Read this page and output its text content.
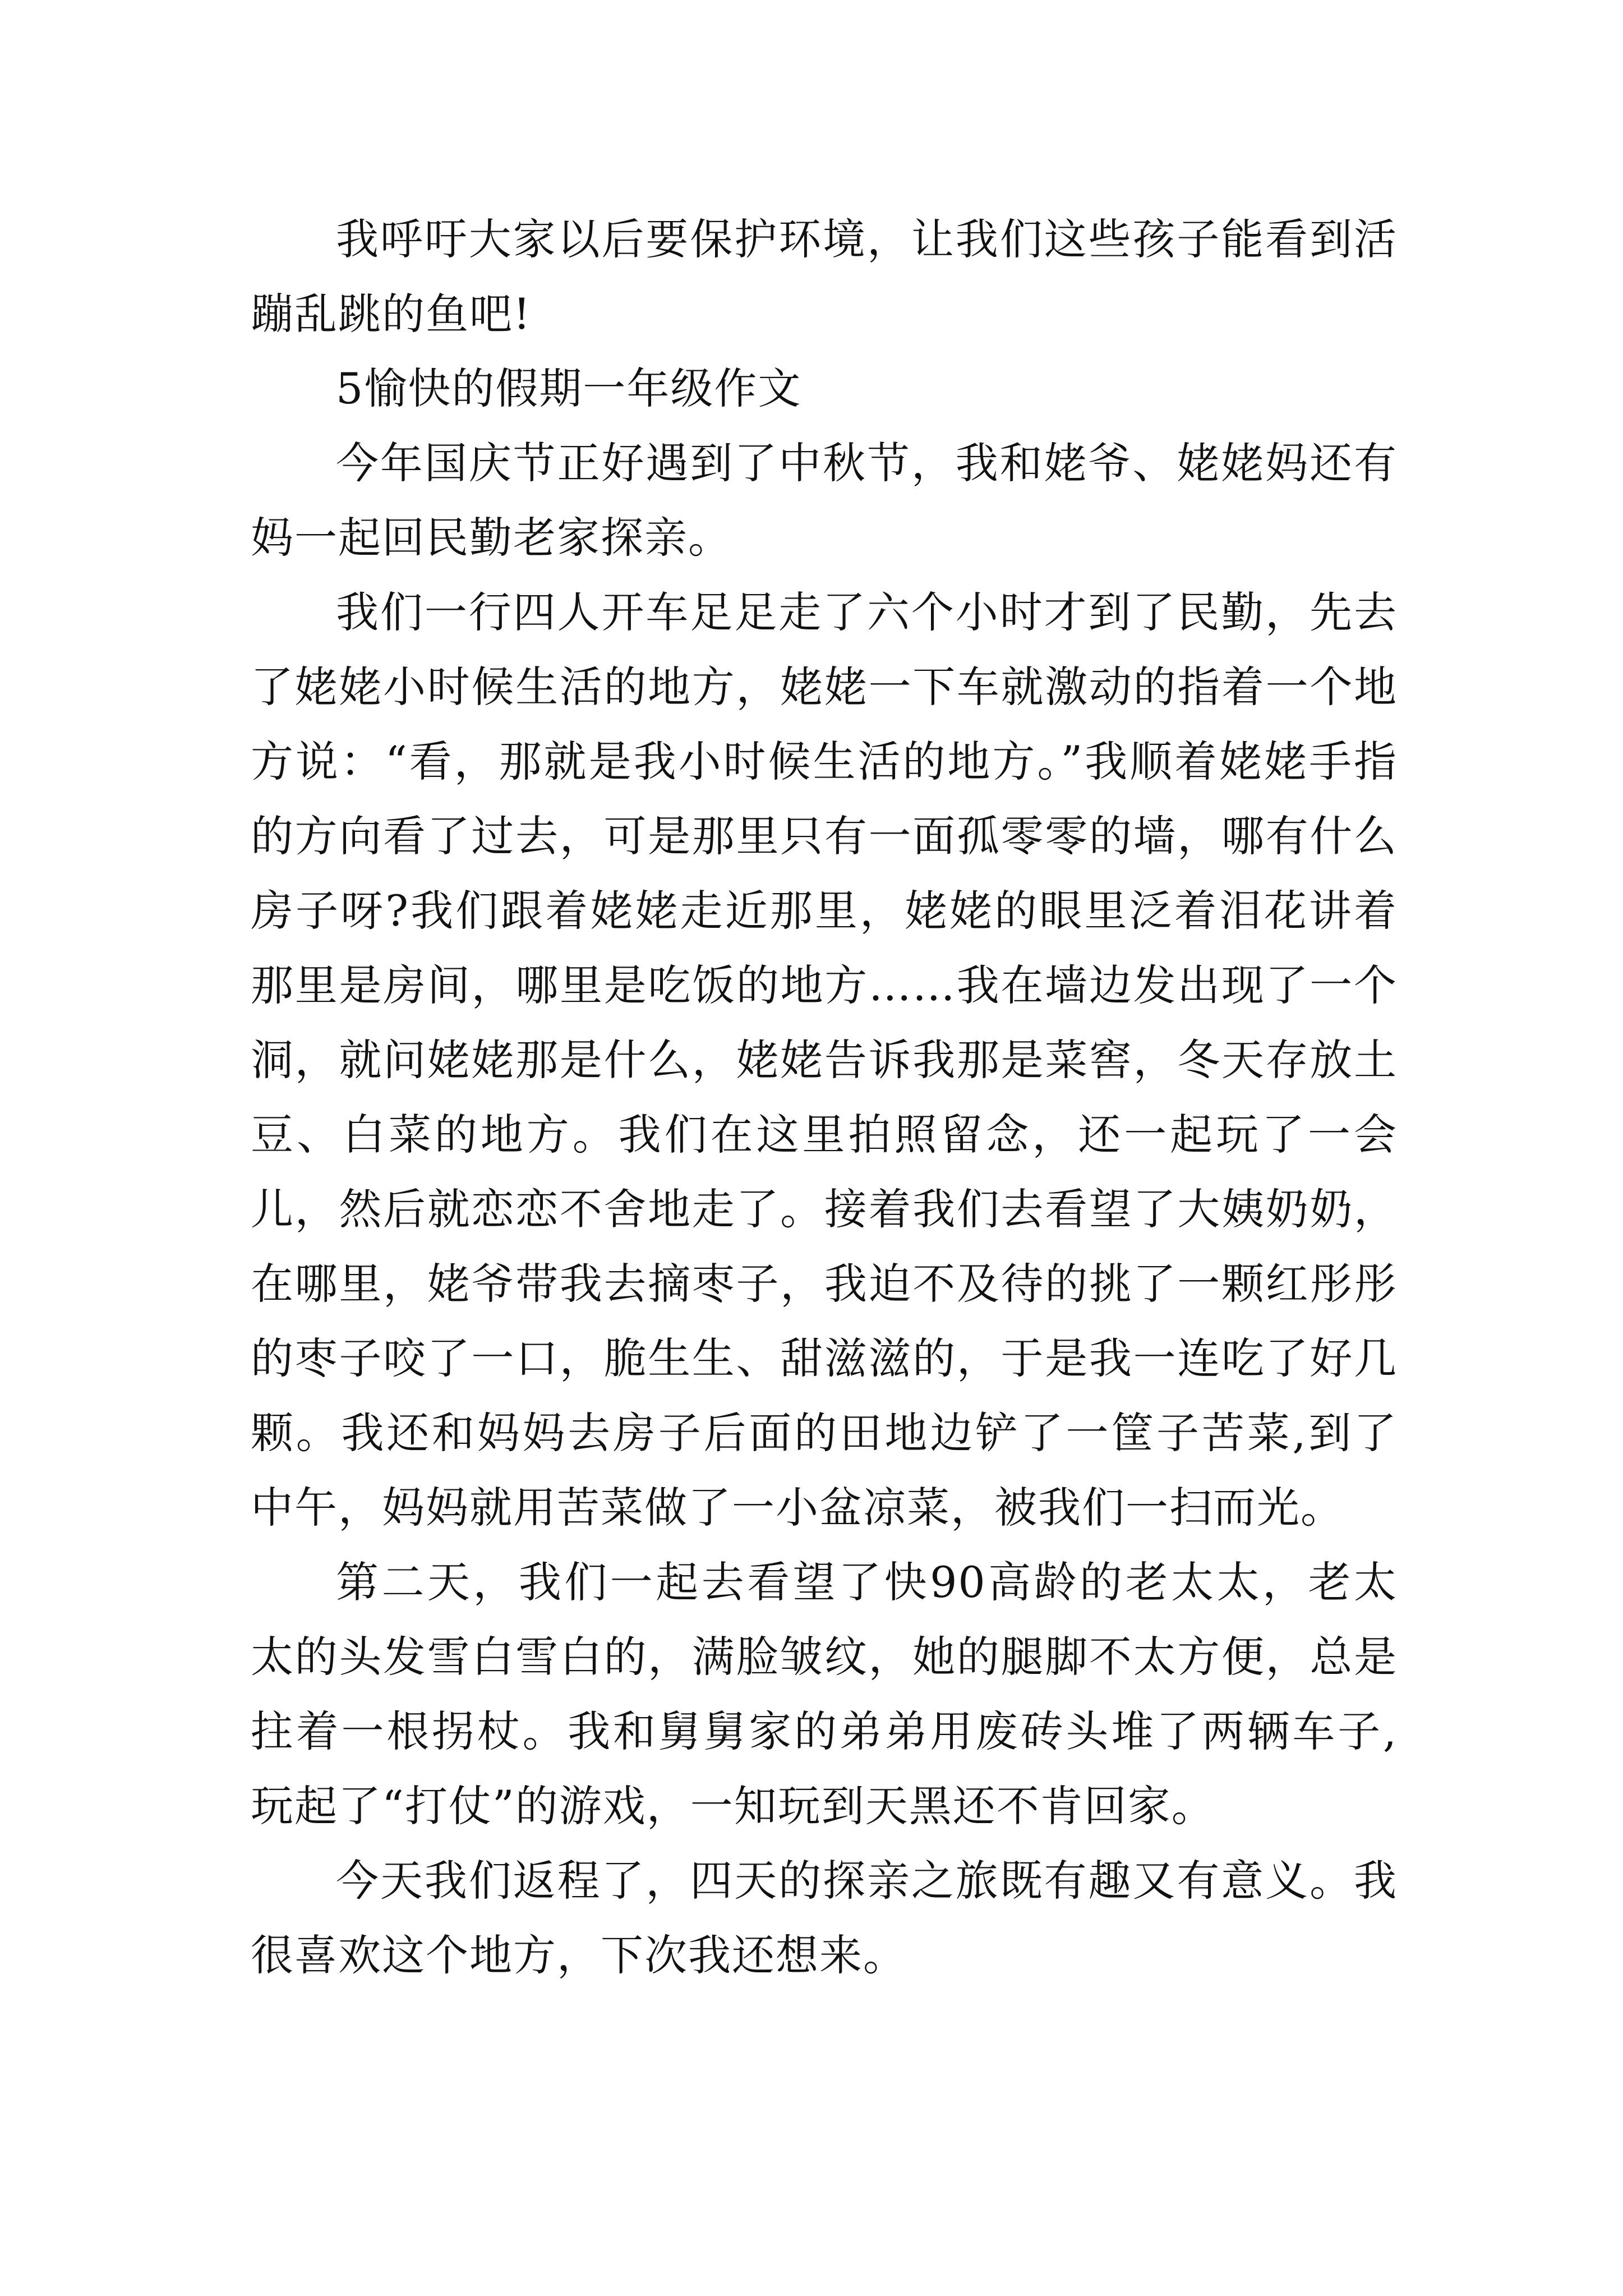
我呼吁大家以后要保护环境，让我们这些孩子能看到活蹦乱跳的鱼吧!

5愉快的假期一年级作文

今年国庆节正好遇到了中秋节，我和姥爷、姥姥妈还有妈一起回民勤老家探亲。

我们一行四人开车足足走了六个小时才到了民勤，先去了姥姥小时候生活的地方，姥姥一下车就激动的指着一个地方说：“看，那就是我小时候生活的地方。”我顺着姥姥手指的方向看了过去，可是那里只有一面孤零零的墙，哪有什么房子呀?我们跟着姥姥走近那里，姥姥的眼里泛着泪花讲着那里是房间，哪里是吃饭的地方……我在墙边发出现了一个洞，就问姥姥那是什么，姥姥告诉我那是菜窖，冬天存放土豆、白菜的地方。我们在这里拍照留念，还一起玩了一会儿，然后就恋恋不舍地走了。接着我们去看望了大姨奶奶，在哪里，姥爷带我去摘枣子，我迫不及待的挑了一颗红彤彤的枣子咬了一口，脆生生、甜滋滋的，于是我一连吃了好几颗。我还和妈妈去房子后面的田地边铲了一筐子苦菜,到了中午，妈妈就用苦菜做了一小盆凉菜，被我们一扫而光。

第二天，我们一起去看望了快90高龄的老太太，老太太的头发雪白雪白的，满脸皱纹，她的腿脚不太方便，总是拄着一根拐杖。我和舅舅家的弟弟用废砖头堆了两辆车子,玩起了“打仗”的游戏，一知玩到天黑还不肯回家。

今天我们返程了，四天的探亲之旅既有趣又有意义。我很喜欢这个地方，下次我还想来。
